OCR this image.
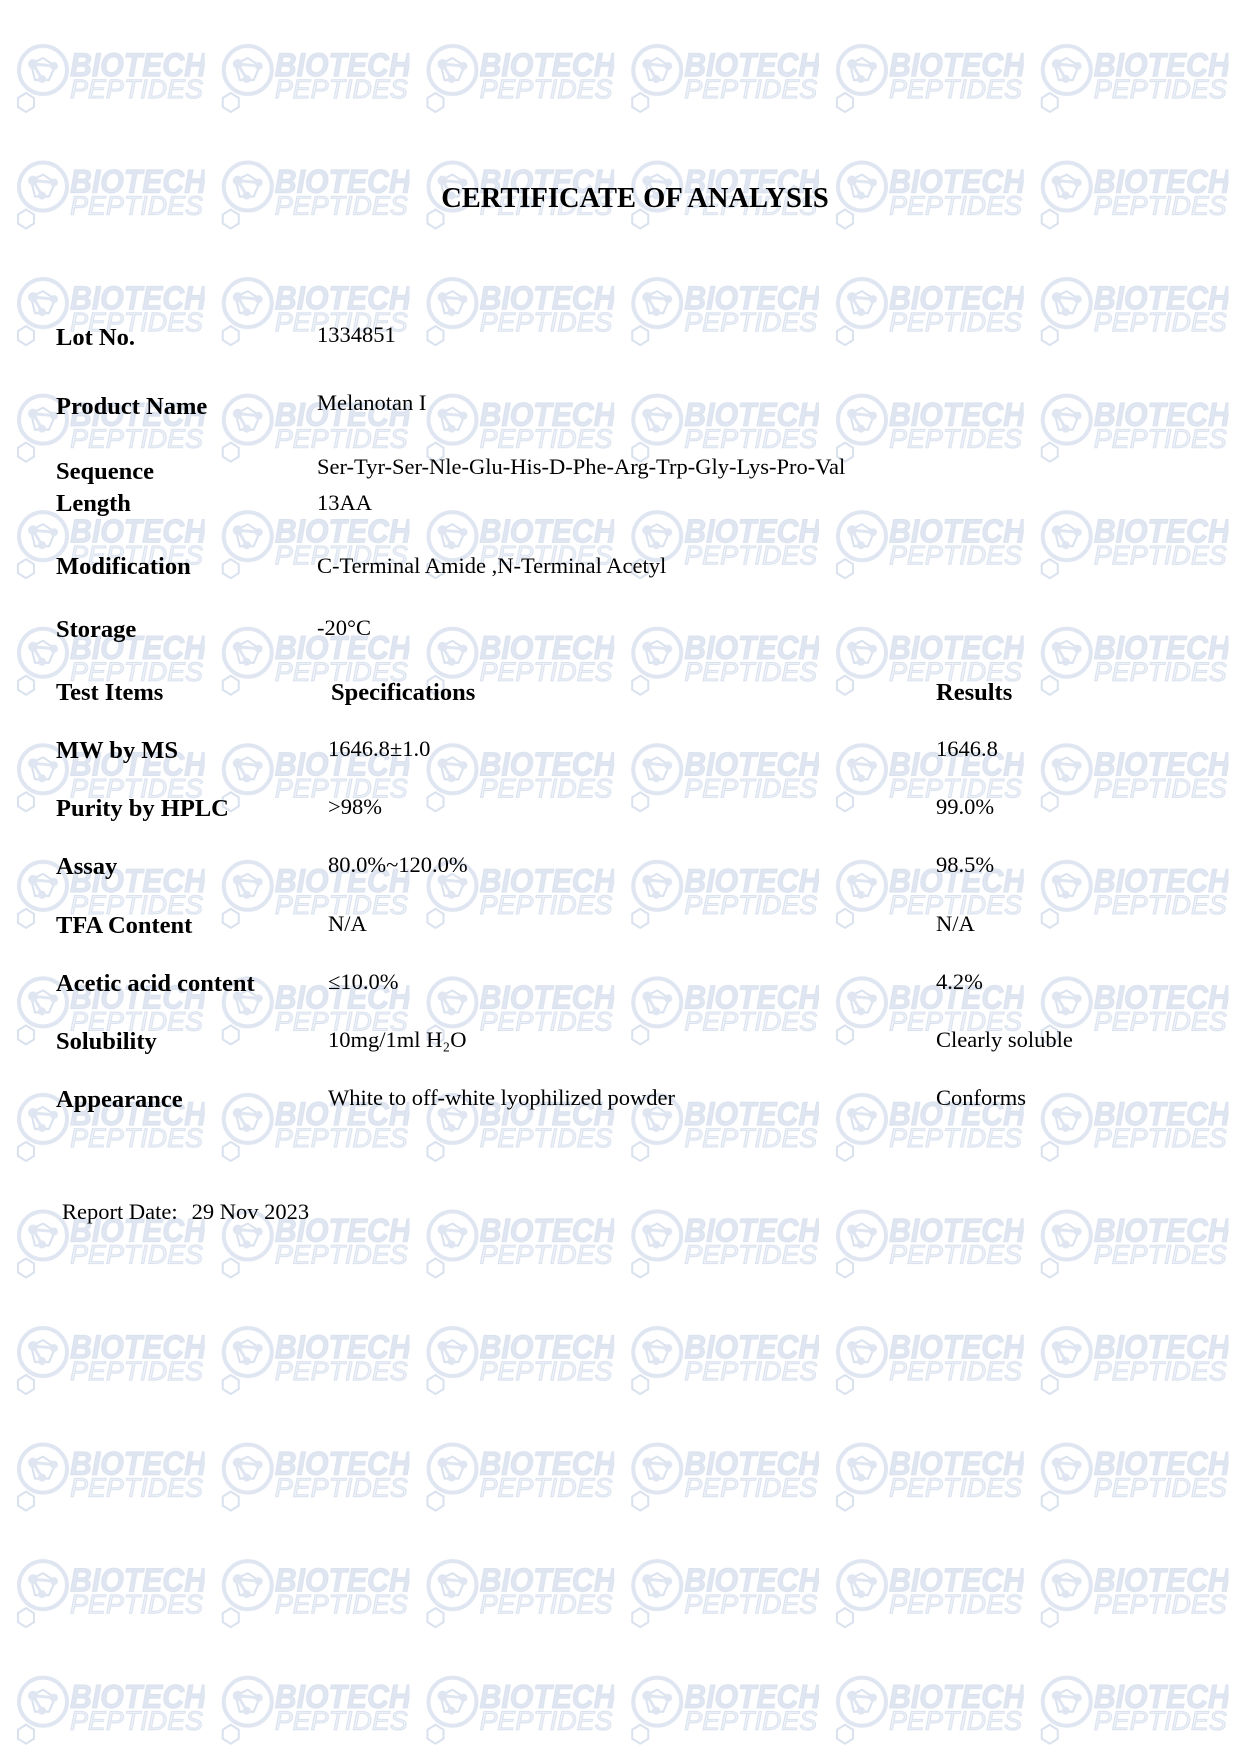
CERTIFICATE OF ANALYSIS
Lot No.	1334851
Product Name	Melanotan I
Sequence	Ser-Tyr-Ser-Nle-Glu-His-D-Phe-Arg-Trp-Gly-Lys-Pro-Val
Length	13AA
Modification	C-Terminal Amide ,N-Terminal Acetyl
Storage	-20°C
Test Items	Specifications	Results
MW by MS	1646.8±1.0	1646.8
Purity by HPLC	>98%	99.0%
Assay	80.0%~120.0%	98.5%
TFA Content	N/A	N/A
Acetic acid content	≤10.0%	4.2%
Solubility	10mg/1ml H₂O	Clearly soluble
Appearance	White to off-white lyophilized powder	Conforms
Report Date: 29 Nov 2023
